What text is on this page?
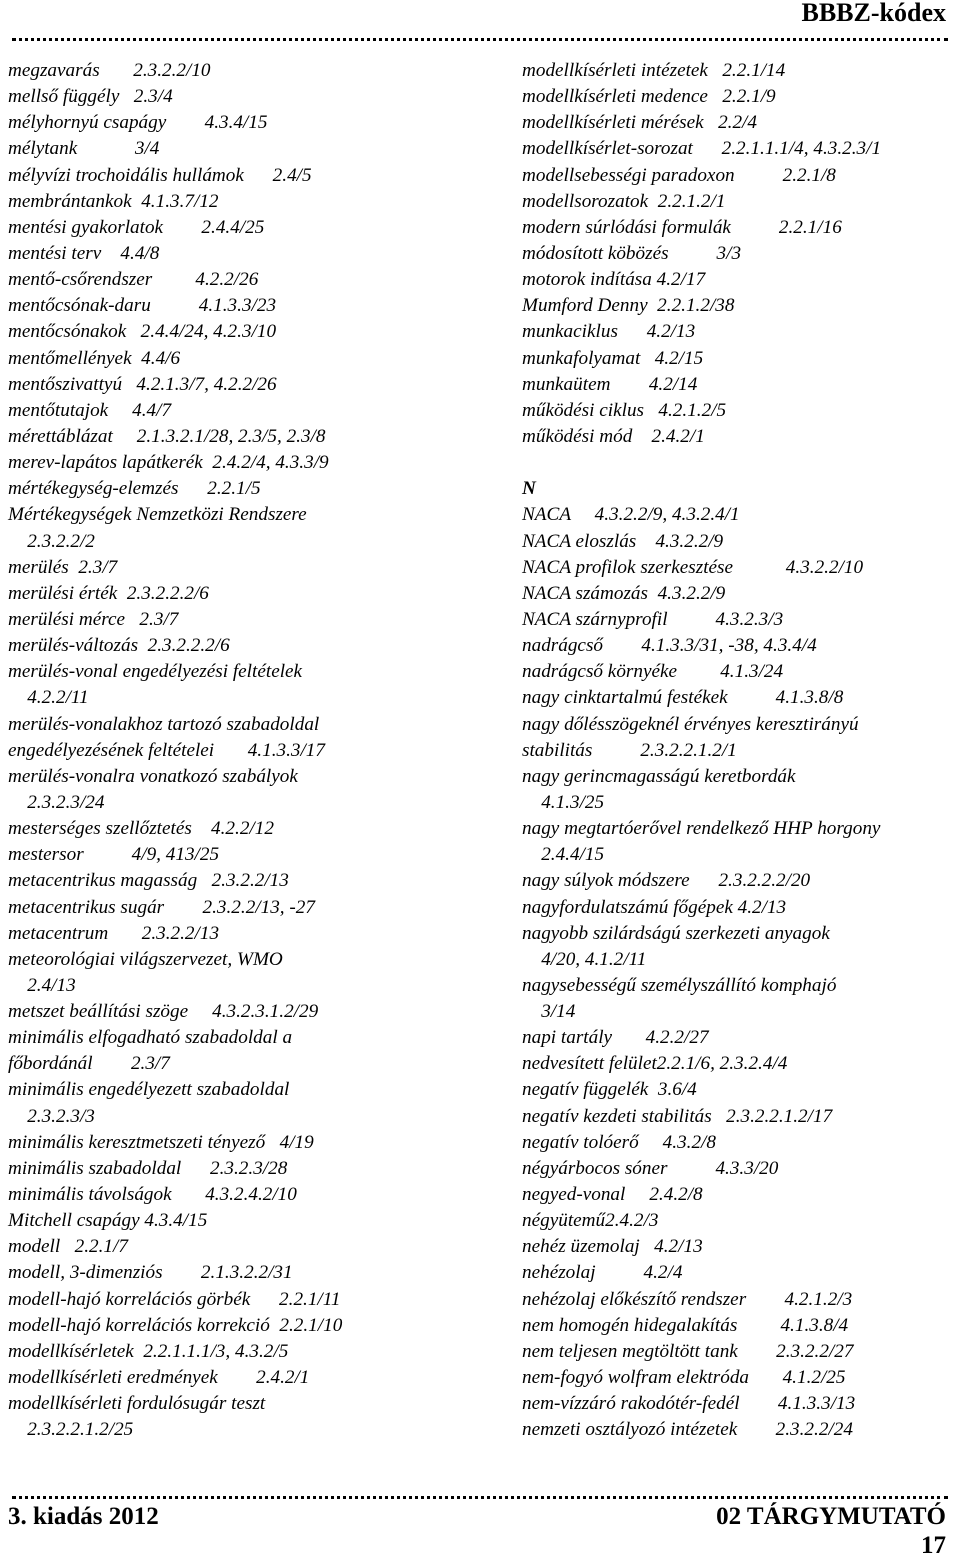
BBBZ-kódex
megzavarás       2.3.2.2/10
mellső függély   2.3/4
mélyhornyú csapágy        4.3.4/15
mélytank            3/4
mélyvízi trochoidális hullámok      2.4/5
membrántankok  4.1.3.7/12
mentési gyakorlatok        2.4.4/25
mentési terv    4.4/8
mentő-csőrendszer         4.2.2/26
mentőcsónak-daru          4.1.3.3/23
mentőcsónakok   2.4.4/24, 4.2.3/10
mentőmellények  4.4/6
mentőszivattyú   4.2.1.3/7, 4.2.2/26
mentőtutajok     4.4/7
mérettáblázat     2.1.3.2.1/28, 2.3/5, 2.3/8
merev-lapátos lapátkerék  2.4.2/4, 4.3.3/9
mértékegység-elemzés      2.2.1/5
Mértékegységek Nemzetközi Rendszere
2.3.2.2/2
merülés  2.3/7
merülési érték  2.3.2.2.2/6
merülési mérce   2.3/7
merülés-változás  2.3.2.2.2/6
merülés-vonal engedélyezési feltételek
4.2.2/11
merülés-vonalakhoz tartozó szabadoldal
engedélyezésének feltételei       4.1.3.3/17
merülés-vonalra vonatkozó szabályok
2.3.2.3/24
mesterséges szellőztetés    4.2.2/12
mestersor          4/9, 413/25
metacentrikus magasság   2.3.2.2/13
metacentrikus sugár        2.3.2.2/13, -27
metacentrum       2.3.2.2/13
meteorológiai világszervezet, WMO
2.4/13
metszet beállítási szöge     4.3.2.3.1.2/29
minimális elfogadható szabadoldal a
főbordánál        2.3/7
minimális engedélyezett szabadoldal
2.3.2.3/3
minimális keresztmetszeti tényező   4/19
minimális szabadoldal      2.3.2.3/28
minimális távolságok       4.3.2.4.2/10
Mitchell csapágy 4.3.4/15
modell   2.2.1/7
modell, 3-dimenziós        2.1.3.2.2/31
modell-hajó korrelációs görbék      2.2.1/11
modell-hajó korrelációs korrekció  2.2.1/10
modellkísérletek  2.2.1.1.1/3, 4.3.2/5
modellkísérleti eredmények        2.4.2/1
modellkísérleti fordulósugár teszt
2.3.2.2.1.2/25
modellkísérleti intézetek   2.2.1/14
modellkísérleti medence   2.2.1/9
modellkísérleti mérések   2.2/4
modellkísérlet-sorozat      2.2.1.1.1/4, 4.3.2.3/1
modellsebességi paradoxon          2.2.1/8
modellsorozatok  2.2.1.2/1
modern súrlódási formulák          2.2.1/16
módosított köbözés          3/3
motorok indítása 4.2/17
Mumford Denny  2.2.1.2/38
munkaciklus      4.2/13
munkafolyamat   4.2/15
munkaütem        4.2/14
működési ciklus   4.2.1.2/5
működési mód    2.4.2/1
N
NACA     4.3.2.2/9, 4.3.2.4/1
NACA eloszlás    4.3.2.2/9
NACA profilok szerkesztése           4.3.2.2/10
NACA számozás  4.3.2.2/9
NACA szárnyprofil          4.3.2.3/3
nadrágcső        4.1.3.3/31, -38, 4.3.4/4
nadrágcső környéke         4.1.3/24
nagy cinktartalmú festékek          4.1.3.8/8
nagy dőlésszögeknél érvényes keresztirányú
stabilitás          2.3.2.2.1.2/1
nagy gerincmagasságú keretbordák
4.1.3/25
nagy megtartóerővel rendelkező HHP horgony
2.4.4/15
nagy súlyok módszere      2.3.2.2.2/20
nagyfordulatszámú főgépek 4.2/13
nagyobb szilárdságú szerkezeti anyagok
4/20, 4.1.2/11
nagysebességű személyszállító komphajó
3/14
napi tartály       4.2.2/27
nedvesített felület2.2.1/6, 2.3.2.4/4
negatív függelék  3.6/4
negatív kezdeti stabilitás   2.3.2.2.1.2/17
negatív tolóerő     4.3.2/8
négyárbocos sóner          4.3.3/20
negyed-vonal     2.4.2/8
négyütemű2.4.2/3
nehéz üzemolaj   4.2/13
nehézolaj          4.2/4
nehézolaj előkészítő rendszer        4.2.1.2/3
nem homogén hidegalakítás         4.1.3.8/4
nem teljesen megtöltött tank        2.3.2.2/27
nem-fogyó wolfram elektróda       4.1.2/25
nem-vízzáró rakodótér-fedél        4.1.3.3/13
nemzeti osztályozó intézetek        2.3.2.2/24
3. kiadás 2012	02 TÁRGYMUTATÓ
17
